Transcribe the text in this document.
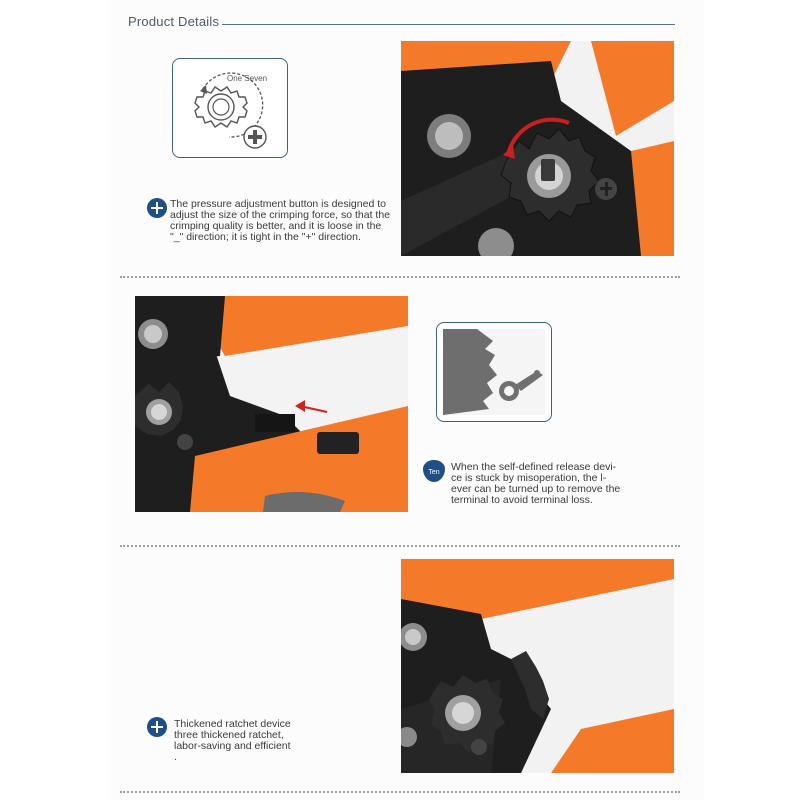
Product Details
One Seven
The pressure adjustment button is designed to
adjust the size of the crimping force, so that the
crimping quality is better, and it is loose in the
"_" direction; it is tight in the "+" direction.
Ten	When the self-defined release devi-
ce is stuck by misoperation, the l-
ever can be turned up to remove the
terminal to avoid terminal loss.
Thickened ratchet device
three thickened ratchet,
labor-saving and efficient
.
